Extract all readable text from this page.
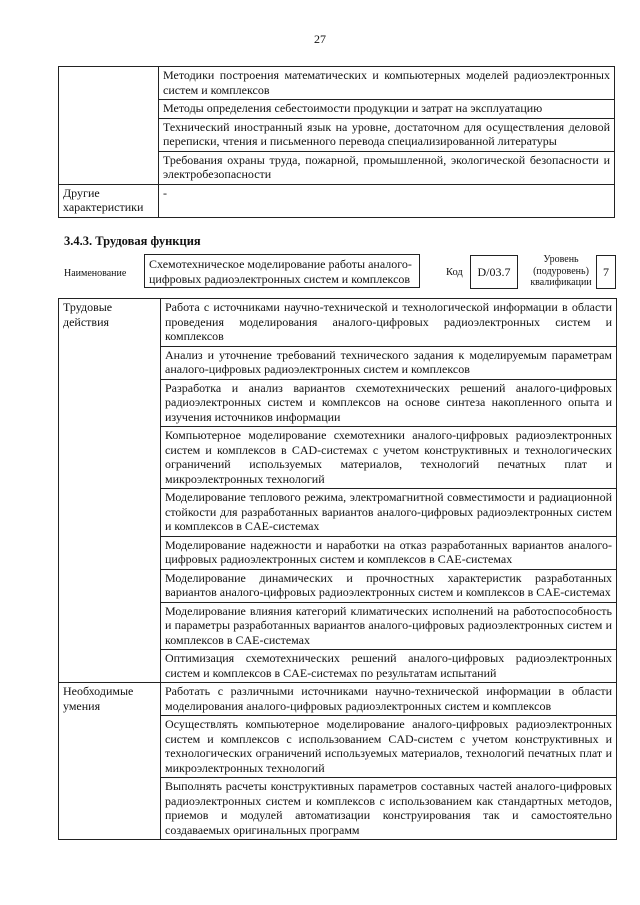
27
	Методики построения математических и компьютерных моделей радиоэлектронных систем и комплексов
	Методы определения себестоимости продукции и затрат на эксплуатацию
	Технический иностранный язык на уровне, достаточном для осуществления деловой переписки, чтения и письменного перевода специализированной литературы
	Требования охраны труда, пожарной, промышленной, экологической безопасности и электробезопасности
Другие характеристики	-
3.4.3. Трудовая функция
Наименование
Схемотехническое моделирование работы аналого-цифровых радиоэлектронных систем и комплексов	Код	D/03.7
Уровень (подуровень) квалификации
7
Трудовые действия	Работа с источниками научно-технической и технологической информации в области проведения моделирования аналого-цифровых радиоэлектронных систем и комплексов
	Анализ и уточнение требований технического задания к моделируемым параметрам аналого-цифровых радиоэлектронных систем и комплексов
	Разработка и анализ вариантов схемотехнических решений аналого-цифровых радиоэлектронных систем и комплексов на основе синтеза накопленного опыта и изучения источников информации
	Компьютерное моделирование схемотехники аналого-цифровых радиоэлектронных систем и комплексов в CAD-системах с учетом конструктивных и технологических ограничений используемых материалов, технологий печатных плат и микроэлектронных технологий
	Моделирование теплового режима, электромагнитной совместимости и радиационной стойкости для разработанных вариантов аналого-цифровых радиоэлектронных систем и комплексов в CAE-системах
	Моделирование надежности и наработки на отказ разработанных вариантов аналого-цифровых радиоэлектронных систем и комплексов в CAE-системах
	Моделирование динамических и прочностных характеристик разработанных вариантов аналого-цифровых радиоэлектронных систем и комплексов в CAE-системах
	Моделирование влияния категорий климатических исполнений на работоспособность и параметры разработанных вариантов аналого-цифровых радиоэлектронных систем и комплексов в CAE-системах
	Оптимизация схемотехнических решений аналого-цифровых радиоэлектронных систем и комплексов в CAE-системах по результатам испытаний
Необходимые умения	Работать с различными источниками научно-технической информации в области моделирования аналого-цифровых радиоэлектронных систем и комплексов
	Осуществлять компьютерное моделирование аналого-цифровых радиоэлектронных систем и комплексов с использованием CAD-систем с учетом конструктивных и технологических ограничений используемых материалов, технологий печатных плат и микроэлектронных технологий
	Выполнять расчеты конструктивных параметров составных частей аналого-цифровых радиоэлектронных систем и комплексов с использованием как стандартных методов, приемов и модулей автоматизации конструирования так и самостоятельно создаваемых оригинальных программ
